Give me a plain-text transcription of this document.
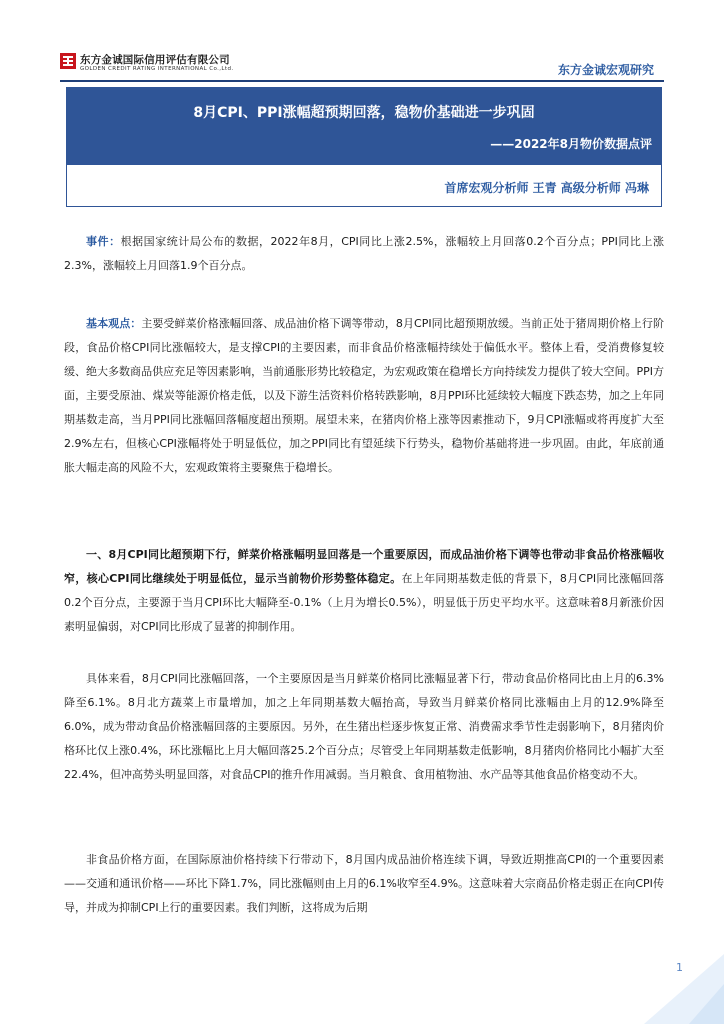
东方金诚国际信用评估有限公司
GOLDEN CREDIT RATING INTERNATIONAL Co.,Ltd.	东方金诚宏观研究
8月CPI、PPI涨幅超预期回落，稳物价基础进一步巩固
——2022年8月物价数据点评
首席宏观分析师 王青 高级分析师 冯琳
事件：根据国家统计局公布的数据，2022年8月，CPI同比上涨2.5%，涨幅较上月回落0.2个百分点；PPI同比上涨2.3%，涨幅较上月回落1.9个百分点。
基本观点：主要受鲜菜价格涨幅回落、成品油价格下调等带动，8月CPI同比超预期放缓。当前正处于猪周期价格上行阶段，食品价格CPI同比涨幅较大，是支撑CPI的主要因素，而非食品价格涨幅持续处于偏低水平。整体上看，受消费修复较缓、绝大多数商品供应充足等因素影响，当前通胀形势比较稳定，为宏观政策在稳增长方向持续发力提供了较大空间。PPI方面，主要受原油、煤炭等能源价格走低，以及下游生活资料价格转跌影响，8月PPI环比延续较大幅度下跌态势，加之上年同期基数走高，当月PPI同比涨幅回落幅度超出预期。展望未来，在猪肉价格上涨等因素推动下，9月CPI涨幅或将再度扩大至2.9%左右，但核心CPI涨幅将处于明显低位，加之PPI同比有望延续下行势头，稳物价基础将进一步巩固。由此，年底前通胀大幅走高的风险不大，宏观政策将主要聚焦于稳增长。
一、8月CPI同比超预期下行，鲜菜价格涨幅明显回落是一个重要原因，而成品油价格下调等也带动非食品价格涨幅收窄，核心CPI同比继续处于明显低位，显示当前物价形势整体稳定。在上年同期基数走低的背景下，8月CPI同比涨幅回落0.2个百分点，主要源于当月CPI环比大幅降至-0.1%（上月为增长0.5%），明显低于历史平均水平。这意味着8月新涨价因素明显偏弱，对CPI同比形成了显著的抑制作用。
具体来看，8月CPI同比涨幅回落，一个主要原因是当月鲜菜价格同比涨幅显著下行，带动食品价格同比由上月的6.3%降至6.1%。8月北方蔬菜上市量增加，加之上年同期基数大幅抬高，导致当月鲜菜价格同比涨幅由上月的12.9%降至6.0%，成为带动食品价格涨幅回落的主要原因。另外，在生猪出栏逐步恢复正常、消费需求季节性走弱影响下，8月猪肉价格环比仅上涨0.4%，环比涨幅比上月大幅回落25.2个百分点；尽管受上年同期基数走低影响，8月猪肉价格同比小幅扩大至22.4%，但冲高势头明显回落，对食品CPI的推升作用减弱。当月粮食、食用植物油、水产品等其他食品价格变动不大。
非食品价格方面，在国际原油价格持续下行带动下，8月国内成品油价格连续下调，导致近期推高CPI的一个重要因素——交通和通讯价格——环比下降1.7%，同比涨幅则由上月的6.1%收窄至4.9%。这意味着大宗商品价格走弱正在向CPI传导，并成为抑制CPI上行的重要因素。我们判断，这将成为后期
1
